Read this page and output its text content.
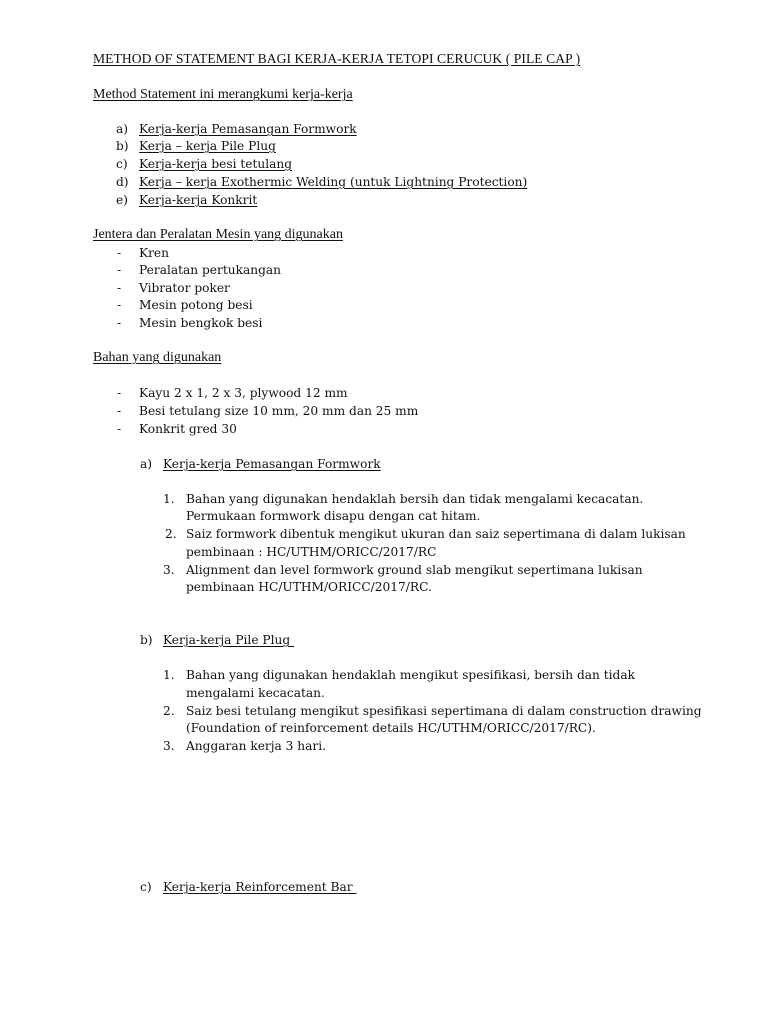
METHOD OF STATEMENT BAGI KERJA-KERJA TETOPI CERUCUK ( PILE CAP )
Method Statement ini merangkumi kerja-kerja
a) Kerja-kerja Pemasangan Formwork
b) Kerja – kerja Pile Plug
c) Kerja-kerja besi tetulang
d) Kerja – kerja Exothermic Welding (untuk Lightning Protection)
e) Kerja-kerja Konkrit
Jentera dan Peralatan Mesin yang digunakan
- Kren
- Peralatan pertukangan
- Vibrator poker
- Mesin potong besi
- Mesin bengkok besi
Bahan yang digunakan
- Kayu 2 x 1, 2 x 3, plywood 12 mm
- Besi tetulang size 10 mm, 20 mm dan 25 mm
- Konkrit gred 30
a) Kerja-kerja Pemasangan Formwork
1. Bahan yang digunakan hendaklah bersih dan tidak mengalami kecacatan.
Permukaan formwork disapu dengan cat hitam.
2. Saiz formwork dibentuk mengikut ukuran dan saiz sepertimana di dalam lukisan
pembinaan : HC/UTHM/ORICC/2017/RC
3. Alignment dan level formwork ground slab mengikut sepertimana lukisan
pembinaan HC/UTHM/ORICC/2017/RC.
b) Kerja-kerja Pile Plug
1. Bahan yang digunakan hendaklah mengikut spesifikasi, bersih dan tidak
mengalami kecacatan.
2. Saiz besi tetulang mengikut spesifikasi sepertimana di dalam construction drawing
(Foundation of reinforcement details HC/UTHM/ORICC/2017/RC).
3. Anggaran kerja 3 hari.
c) Kerja-kerja Reinforcement Bar
